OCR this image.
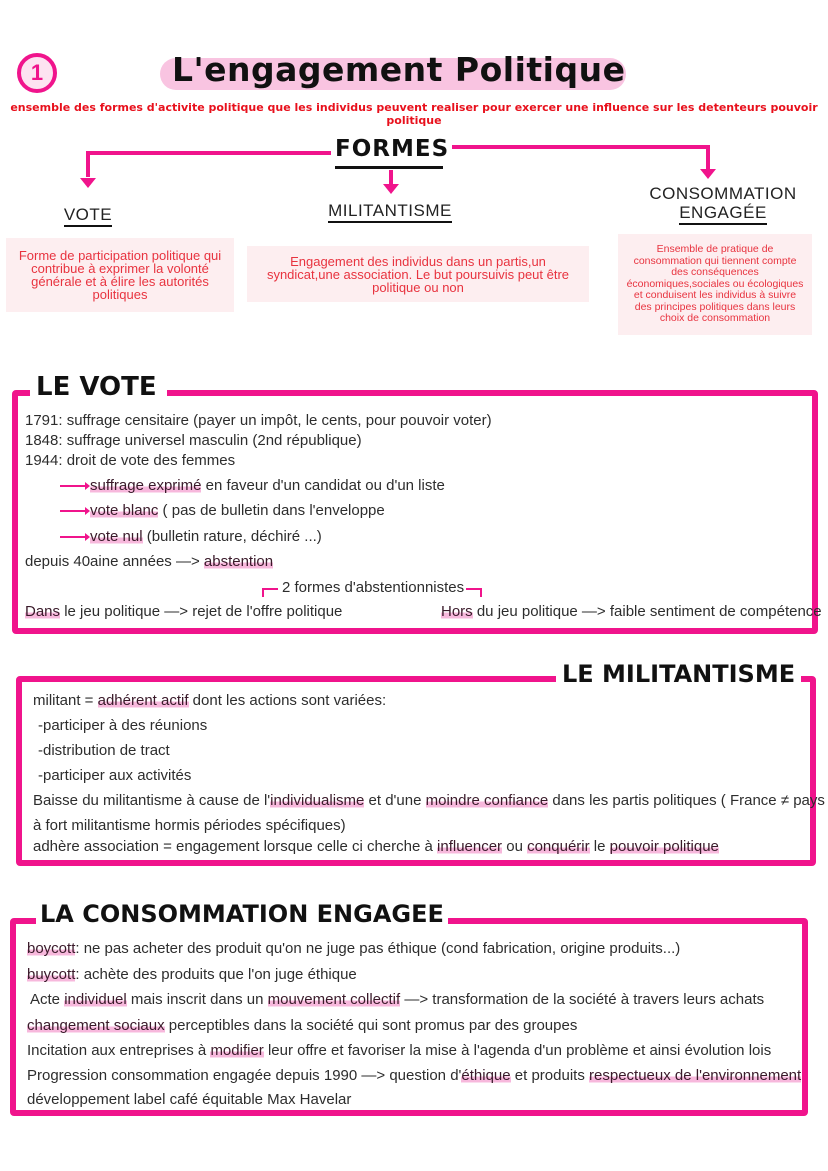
1	L'engagement Politique
ensemble des formes d'activite politique que les individus peuvent realiser pour exercer une influence sur les detenteurs pouvoir politique
FORMES
VOTE	MILITANTISME
CONSOMMATION
ENGAGÉE
Forme de participation politique qui contribue à exprimer la volonté générale et à élire les autorités politiques
Engagement des individus dans un partis,un syndicat,une association. Le but poursuivis peut être politique ou non
Ensemble de pratique de consommation qui tiennent compte des conséquences économiques,sociales ou écologiques et conduisent les individus à suivre des principes politiques dans leurs choix de consommation
LE VOTE
1791: suffrage censitaire (payer un impôt, le cents, pour pouvoir voter)
1848: suffrage universel masculin (2nd république)
1944: droit de vote des femmes
suffrage exprimé en faveur d'un candidat ou d'un liste
vote blanc ( pas de bulletin dans l'enveloppe
vote nul (bulletin rature, déchiré ...)
depuis 40aine années —> abstention
2 formes d'abstentionnistes
Dans le jeu politique —> rejet de l'offre politique	Hors du jeu politique —> faible sentiment de compétence
LE MILITANTISME
militant = adhérent actif dont les actions sont variées:
-participer à des réunions
-distribution de tract
-participer aux activités
Baisse du militantisme à cause de l'individualisme et d'une moindre confiance dans les partis politiques ( France ≠ pays
à fort militantisme hormis périodes spécifiques)
adhère association = engagement lorsque celle ci cherche à influencer ou conquérir le pouvoir politique
LA CONSOMMATION ENGAGEE
boycott: ne pas acheter des produit qu'on ne juge pas éthique (cond fabrication, origine produits...)
buycott: achète des produits que l'on juge éthique
Acte individuel mais inscrit dans un mouvement collectif —> transformation de la société à travers leurs achats
changement sociaux perceptibles dans la société qui sont promus par des groupes
Incitation aux entreprises à modifier leur offre et favoriser la mise à l'agenda d'un problème et ainsi évolution lois
Progression consommation engagée depuis 1990 —> question d'éthique et produits respectueux de l'environnement
développement label café équitable Max Havelar
